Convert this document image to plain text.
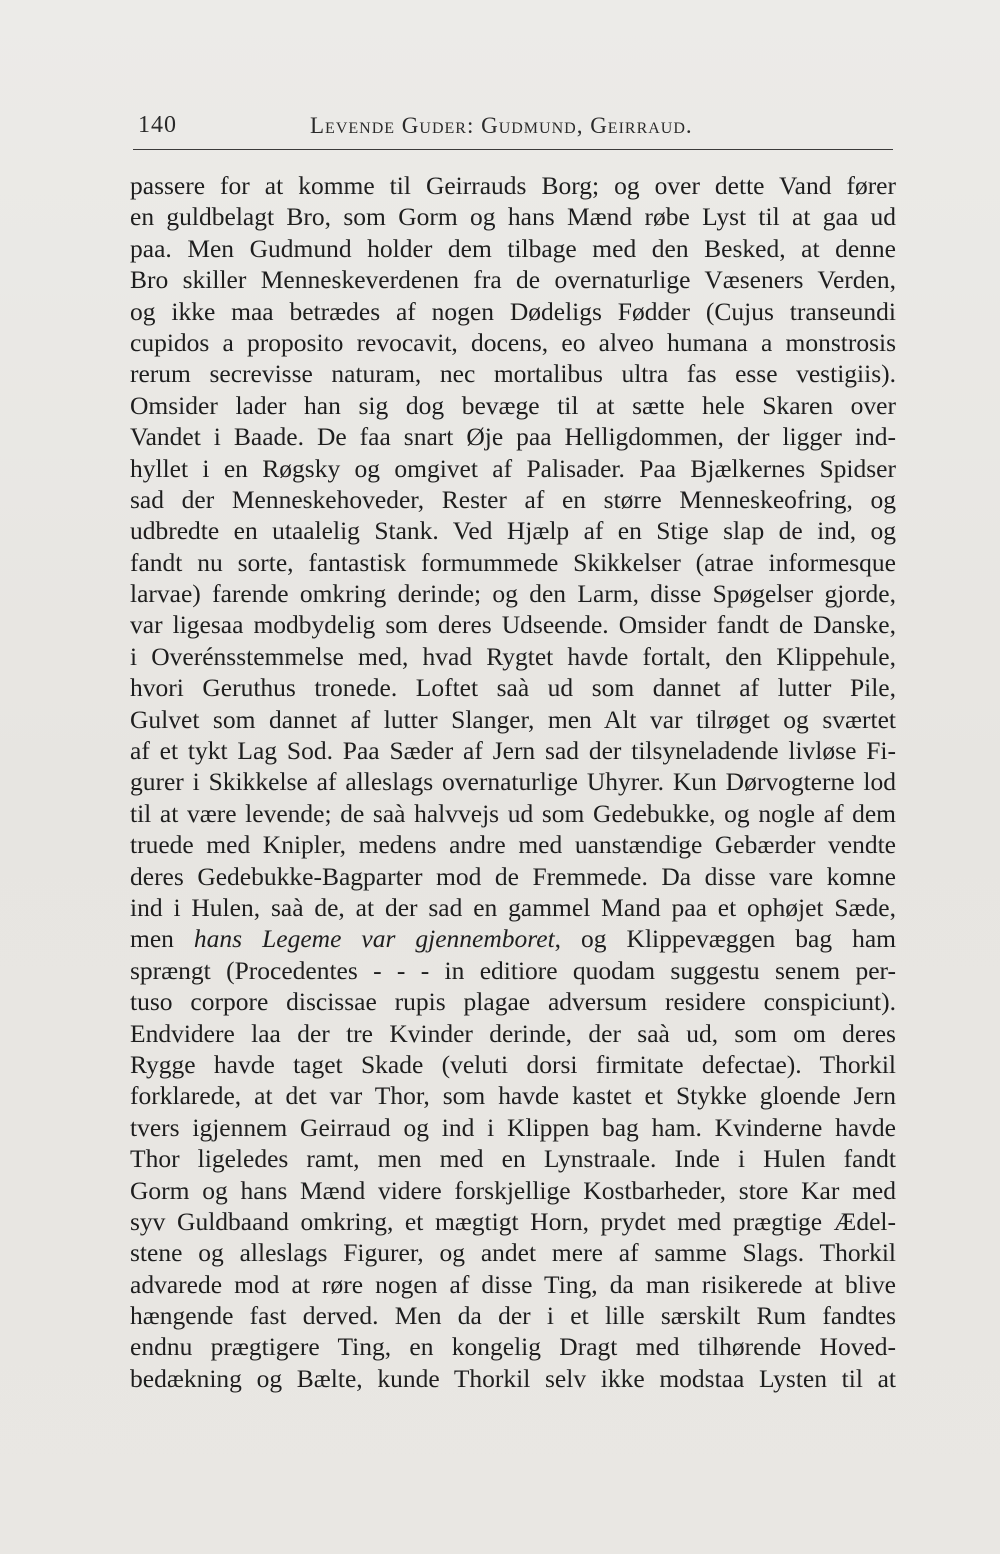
140	Levende Guder: Gudmund, Geirraud.
passere for at komme til Geirrauds Borg; og over dette Vand fører
en guldbelagt Bro, som Gorm og hans Mænd røbe Lyst til at gaa ud
paa. Men Gudmund holder dem tilbage med den Besked, at denne
Bro skiller Menneskeverdenen fra de overnaturlige Væseners Verden,
og ikke maa betrædes af nogen Dødeligs Fødder (Cujus transeundi
cupidos a proposito revocavit, docens, eo alveo humana a monstrosis
rerum secrevisse naturam, nec mortalibus ultra fas esse vestigiis).
Omsider lader han sig dog bevæge til at sætte hele Skaren over
Vandet i Baade. De faa snart Øje paa Helligdommen, der ligger ind-
hyllet i en Røgsky og omgivet af Palisader. Paa Bjælkernes Spidser
sad der Menneskehoveder, Rester af en større Menneskeofring, og
udbredte en utaalelig Stank. Ved Hjælp af en Stige slap de ind, og
fandt nu sorte, fantastisk formummede Skikkelser (atrae informesque
larvae) farende omkring derinde; og den Larm, disse Spøgelser gjorde,
var ligesaa modbydelig som deres Udseende. Omsider fandt de Danske,
i Overénsstemmelse med, hvad Rygtet havde fortalt, den Klippehule,
hvori Geruthus tronede. Loftet saà ud som dannet af lutter Pile,
Gulvet som dannet af lutter Slanger, men Alt var tilrøget og sværtet
af et tykt Lag Sod. Paa Sæder af Jern sad der tilsyneladende livløse Fi-
gurer i Skikkelse af alleslags overnaturlige Uhyrer. Kun Dørvogterne lod
til at være levende; de saà halvvejs ud som Gedebukke, og nogle af dem
truede med Knipler, medens andre med uanstændige Gebærder vendte
deres Gedebukke-Bagparter mod de Fremmede. Da disse vare komne
ind i Hulen, saà de, at der sad en gammel Mand paa et ophøjet Sæde,
men hans Legeme var gjennemboret, og Klippevæggen bag ham
sprængt (Procedentes - - - in editiore quodam suggestu senem per-
tuso corpore discissae rupis plagae adversum residere conspiciunt).
Endvidere laa der tre Kvinder derinde, der saà ud, som om deres
Rygge havde taget Skade (veluti dorsi firmitate defectae). Thorkil
forklarede, at det var Thor, som havde kastet et Stykke gloende Jern
tvers igjennem Geirraud og ind i Klippen bag ham. Kvinderne havde
Thor ligeledes ramt, men med en Lynstraale. Inde i Hulen fandt
Gorm og hans Mænd videre forskjellige Kostbarheder, store Kar med
syv Guldbaand omkring, et mægtigt Horn, prydet med prægtige Ædel-
stene og alleslags Figurer, og andet mere af samme Slags. Thorkil
advarede mod at røre nogen af disse Ting, da man risikerede at blive
hængende fast derved. Men da der i et lille særskilt Rum fandtes
endnu prægtigere Ting, en kongelig Dragt med tilhørende Hoved-
bedækning og Bælte, kunde Thorkil selv ikke modstaa Lysten til at
